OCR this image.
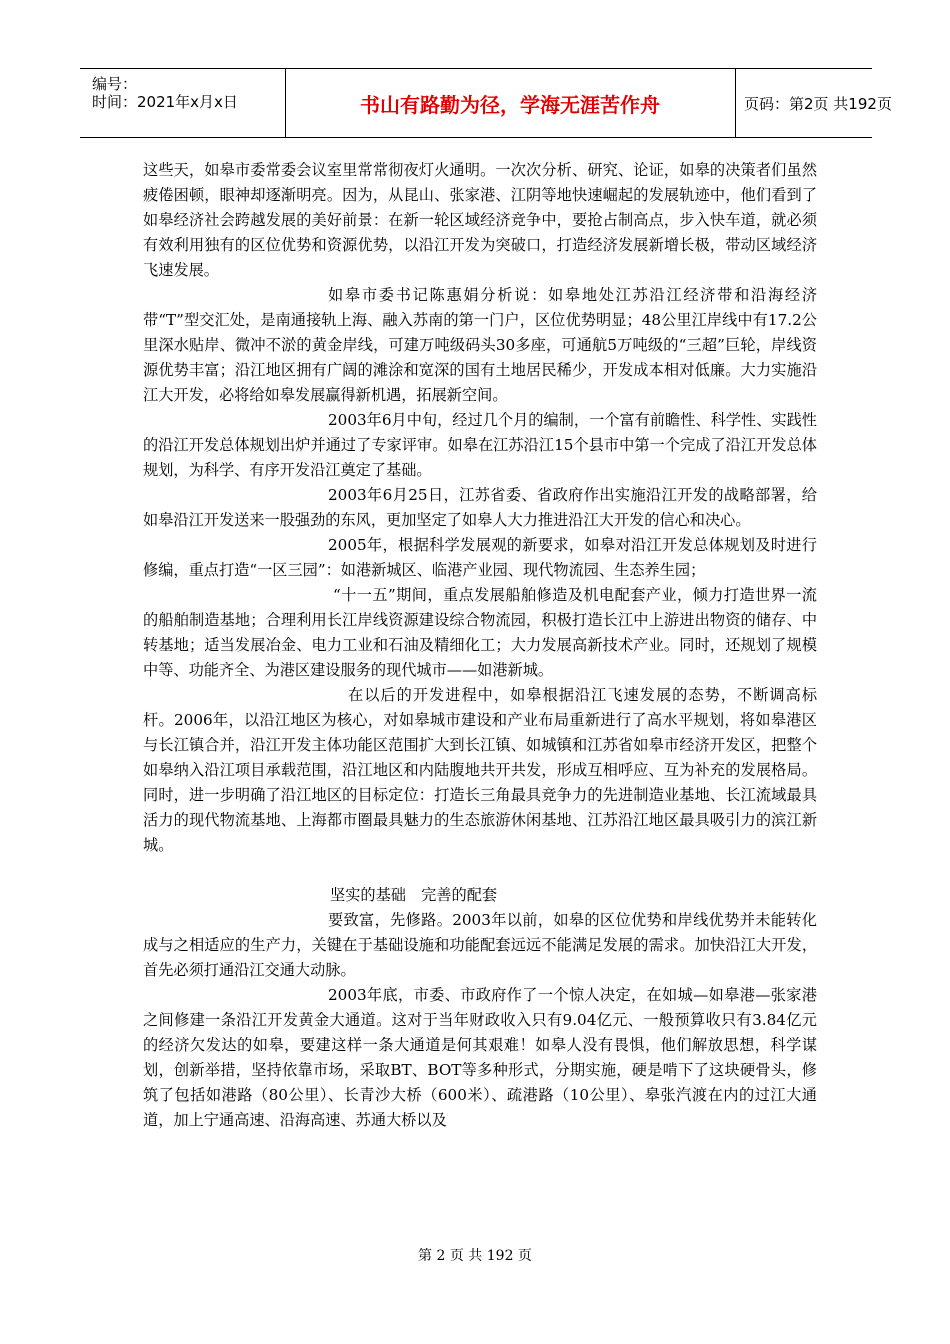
编号：
时间：2021年x月x日	书山有路勤为径，学海无涯苦作舟	页码：第2页 共192页

这些天，如皋市委常委会议室里常常彻夜灯火通明。一次次分析、研究、论证，如皋的决策者们虽然疲倦困顿，眼神却逐渐明亮。因为，从昆山、张家港、江阴等地快速崛起的发展轨迹中，他们看到了如皋经济社会跨越发展的美好前景：在新一轮区域经济竞争中，要抢占制高点，步入快车道，就必须有效利用独有的区位优势和资源优势，以沿江开发为突破口，打造经济发展新增长极，带动区域经济飞速发展。

如皋市委书记陈惠娟分析说：如皋地处江苏沿江经济带和沿海经济带“T”型交汇处，是南通接轨上海、融入苏南的第一门户，区位优势明显；48公里江岸线中有17.2公里深水贴岸、微冲不淤的黄金岸线，可建万吨级码头30多座，可通航5万吨级的“三超”巨轮，岸线资源优势丰富；沿江地区拥有广阔的滩涂和宽深的国有土地居民稀少，开发成本相对低廉。大力实施沿江大开发，必将给如皋发展赢得新机遇，拓展新空间。

2003年6月中旬，经过几个月的编制，一个富有前瞻性、科学性、实践性的沿江开发总体规划出炉并通过了专家评审。如皋在江苏沿江15个县市中第一个完成了沿江开发总体规划，为科学、有序开发沿江奠定了基础。

2003年6月25日，江苏省委、省政府作出实施沿江开发的战略部署，给如皋沿江开发送来一股强劲的东风，更加坚定了如皋人大力推进沿江大开发的信心和决心。

2005年，根据科学发展观的新要求，如皋对沿江开发总体规划及时进行修编，重点打造“一区三园”：如港新城区、临港产业园、现代物流园、生态养生园；

“十一五”期间，重点发展船舶修造及机电配套产业，倾力打造世界一流的船舶制造基地；合理利用长江岸线资源建设综合物流园，积极打造长江中上游进出物资的储存、中转基地；适当发展冶金、电力工业和石油及精细化工；大力发展高新技术产业。同时，还规划了规模中等、功能齐全、为港区建设服务的现代城市——如港新城。

在以后的开发进程中，如皋根据沿江飞速发展的态势，不断调高标杆。2006年，以沿江地区为核心，对如皋城市建设和产业布局重新进行了高水平规划，将如皋港区与长江镇合并，沿江开发主体功能区范围扩大到长江镇、如城镇和江苏省如皋市经济开发区，把整个如皋纳入沿江项目承载范围，沿江地区和内陆腹地共开共发，形成互相呼应、互为补充的发展格局。同时，进一步明确了沿江地区的目标定位：打造长三角最具竞争力的先进制造业基地、长江流域最具活力的现代物流基地、上海都市圈最具魅力的生态旅游休闲基地、江苏沿江地区最具吸引力的滨江新城。

坚实的基础　完善的配套

要致富，先修路。2003年以前，如皋的区位优势和岸线优势并未能转化成与之相适应的生产力，关键在于基础设施和功能配套远远不能满足发展的需求。加快沿江大开发，首先必须打通沿江交通大动脉。

2003年底，市委、市政府作了一个惊人决定，在如城—如皋港—张家港之间修建一条沿江开发黄金大通道。这对于当年财政收入只有9.04亿元、一般预算收只有3.84亿元的经济欠发达的如皋，要建这样一条大通道是何其艰难！如皋人没有畏惧，他们解放思想，科学谋划，创新举措，坚持依靠市场，采取BT、BOT等多种形式，分期实施，硬是啃下了这块硬骨头，修筑了包括如港路（80公里）、长青沙大桥（600米）、疏港路（10公里）、皋张汽渡在内的过江大通道，加上宁通高速、沿海高速、苏通大桥以及

第 2 页 共 192 页
